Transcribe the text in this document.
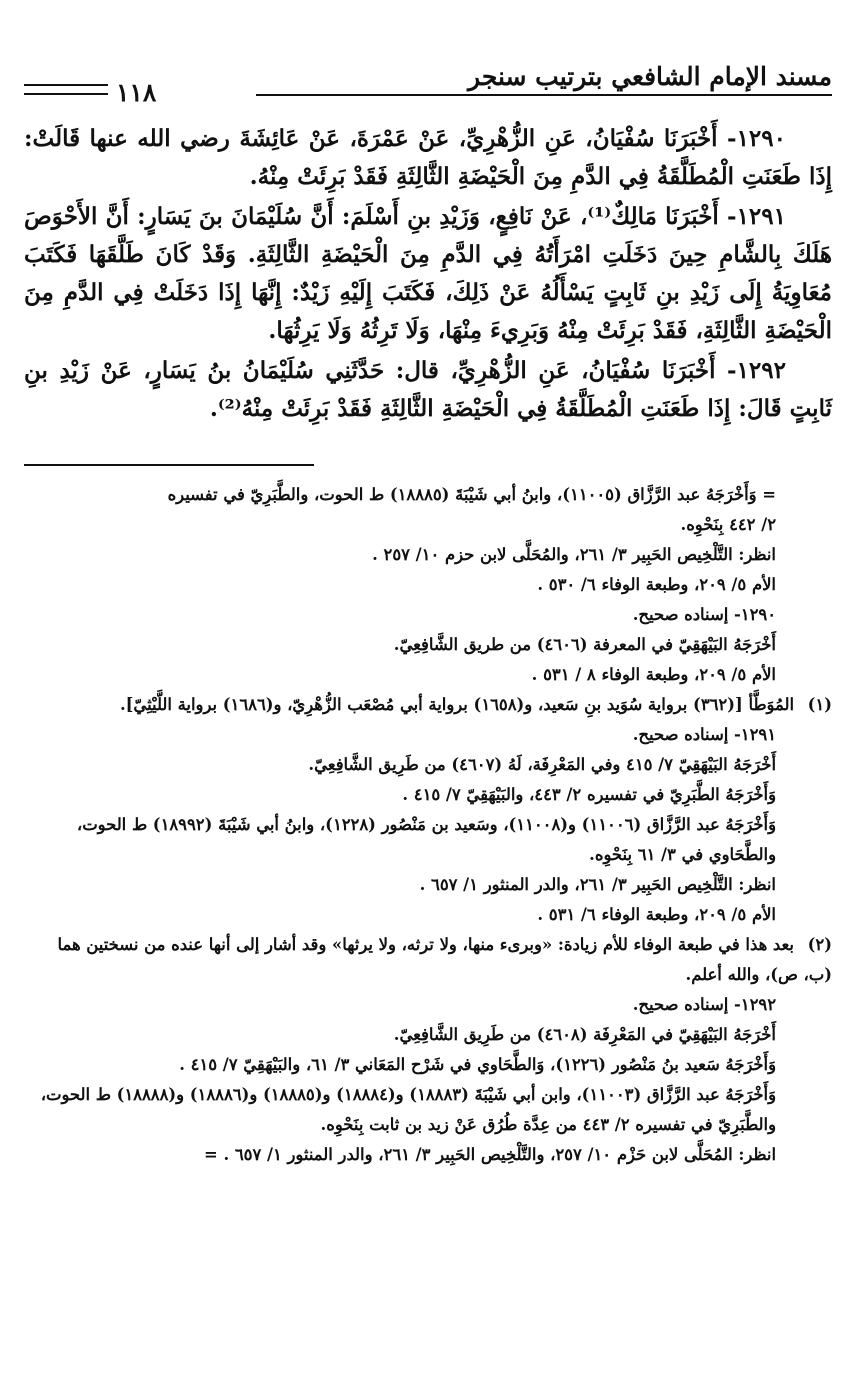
مسند الإمام الشافعي بترتيب سنجر
١١٨

١٢٩٠- أَخْبَرَنَا سُفْيَانُ، عَنِ الزُّهْرِيِّ، عَنْ عَمْرَةَ، عَنْ عَائِشَةَ رضي الله عنها قَالَتْ: إِذَا طَعَنَتِ الْمُطَلَّقَةُ فِي الدَّمِ مِنَ الْحَيْضَةِ الثَّالِثَةِ فَقَدْ بَرِئَتْ مِنْهُ.

١٢٩١- أَخْبَرَنَا مَالِكٌ⁽¹⁾، عَنْ نَافِعٍ، وَزَيْدِ بنِ أَسْلَمَ: أَنَّ سُلَيْمَانَ بنَ يَسَارٍ: أَنَّ الأَحْوَصَ هَلَكَ بِالشَّامِ حِينَ دَخَلَتِ امْرَأَتُهُ فِي الدَّمِ مِنَ الْحَيْضَةِ الثَّالِثَةِ. وَقَدْ كَانَ طَلَّقَهَا فَكَتَبَ مُعَاوِيَةُ إِلَى زَيْدِ بنِ ثَابِتٍ يَسْأَلُهُ عَنْ ذَلِكَ، فَكَتَبَ إِلَيْهِ زَيْدٌ: إِنَّهَا إِذَا دَخَلَتْ فِي الدَّمِ مِنَ الْحَيْضَةِ الثَّالِثَةِ، فَقَدْ بَرِئَتْ مِنْهُ وَبَرِيءَ مِنْهَا، وَلَا تَرِثُهُ وَلَا يَرِثُهَا.

١٢٩٢- أَخْبَرَنَا سُفْيَانُ، عَنِ الزُّهْرِيِّ، قال: حَدَّثَنِي سُلَيْمَانُ بنُ يَسَارٍ، عَنْ زَيْدِ بنِ ثَابِتٍ قَالَ: إِذَا طَعَنَتِ الْمُطَلَّقَةُ فِي الْحَيْضَةِ الثَّالِثَةِ فَقَدْ بَرِئَتْ مِنْهُ⁽²⁾.

= وَأَخْرَجَهُ عبد الرَّزَّاق (١١٠٠٥)، وابنُ أبي شَيْبَةَ (١٨٨٨٥) ط الحوت، والطَّبَرِيّ في تفسيره

٢/ ٤٤٢ بِنَحْوِه.

انظر: التَّلْخِيص الحَبِير ٣/ ٢٦١، والمُحَلَّى لابن حزم ١٠/ ٢٥٧ .

الأم ٥/ ٢٠٩، وطبعة الوفاء ٦/ ٥٣٠ .

١٢٩٠- إسناده صحيح.

أَخْرَجَهُ البَيْهَقِيّ في المعرفة (٤٦٠٦) من طريق الشَّافِعِيّ.

الأم ٥/ ٢٠٩، وطبعة الوفاء ٨ / ٥٣١ .

(١)المُوَطَّأ [(٣٦٢) برواية سُوَيد بنِ سَعيد، و(١٦٥٨) برواية أبي مُصْعَب الزُّهْرِيّ، و(١٦٨٦) برواية اللَّيْثِيّ].

١٢٩١- إسناده صحيح.

أَخْرَجَهُ البَيْهَقِيّ ٧/ ٤١٥ وفي المَعْرِفَة، لَهُ (٤٦٠٧) من طَرِيق الشَّافِعِيّ.

وَأَخْرَجَهُ الطَّبَرِيّ في تفسيره ٢/ ٤٤٣، والبَيْهَقِيّ ٧/ ٤١٥ .

وَأَخْرَجَهُ عبد الرَّزَّاق (١١٠٠٦) و(١١٠٠٨)، وسَعيد بن مَنْصُور (١٢٢٨)، وابنُ أبي شَيْبَةَ (١٨٩٩٢) ط الحوت، والطَّحَاوي في ٣/ ٦١ بِنَحْوِه.

انظر: التَّلْخِيص الحَبِير ٣/ ٢٦١، والدر المنثور ١/ ٦٥٧ .

الأم ٥/ ٢٠٩، وطبعة الوفاء ٦/ ٥٣١ .

(٢)بعد هذا في طبعة الوفاء للأم زيادة: «وبرىء منها، ولا ترثه، ولا يرثها» وقد أشار إلى أنها عنده من نسختين هما (ب، ص)، والله أعلم.

١٢٩٢- إسناده صحيح.

أَخْرَجَهُ البَيْهَقِيّ في المَعْرِفَة (٤٦٠٨) من طَرِيق الشَّافِعِيّ.

وَأَخْرَجَهُ سَعيد بنُ مَنْصُور (١٢٢٦)، وَالطَّحَاوي في شَرْح المَعَاني ٣/ ٦١، والبَيْهَقِيّ ٧/ ٤١٥ .

وَأَخْرَجَهُ عبد الرَّزَّاق (١١٠٠٣)، وابن أبي شَيْبَةَ (١٨٨٨٣) و(١٨٨٨٤) و(١٨٨٨٥) و(١٨٨٨٦) و(١٨٨٨٨) ط الحوت، والطَّبَرِيّ في تفسيره ٢/ ٤٤٣ من عِدَّة طُرُق عَنْ زيد بن ثابت بِنَحْوِه.

انظر: المُحَلَّى لابن حَزْم ١٠/ ٢٥٧، والتَّلْخِيص الحَبِير ٣/ ٢٦١، والدر المنثور ١/ ٦٥٧ . =
